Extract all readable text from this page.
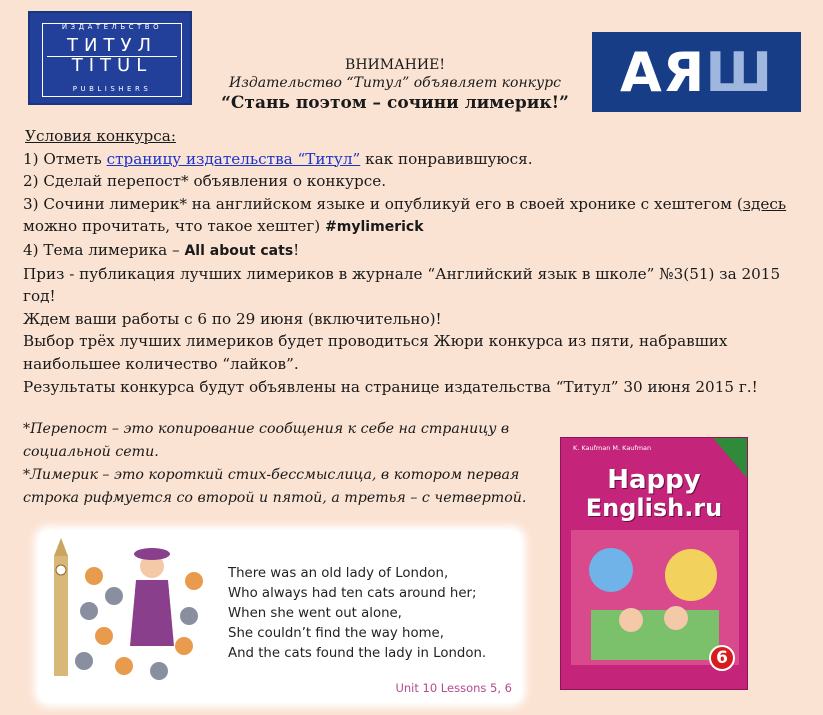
ИЗДАТЕЛЬСТВО
ТИТУЛ
TITUL
PUBLISHERS	АЯШ
ВНИМАНИЕ!
Издательство “Титул” объявляет конкурс
“Стань поэтом – сочини лимерик!”
Условия конкурса:
1) Отметь страницу издательства “Титул” как понравившуюся.
2) Сделай перепост* объявления о конкурсе.
3) Сочини лимерик* на английском языке и опубликуй его в своей хронике с хештегом (здесь можно прочитать, что такое хештег) #mylimerick
4) Тема лимерика – All about cats!
Приз - публикация лучших лимериков в журнале “Английский язык в школе” №3(51) за 2015 год!
Ждем ваши работы с 6 по 29 июня (включительно)!
Выбор трёх лучших лимериков будет проводиться Жюри конкурса из пяти, набравших наибольшее количество “лайков”.
Результаты конкурса будут объявлены на странице издательства “Титул” 30 июня 2015 г.!
*Перепост – это копирование сообщения к себе на страницу в социальной сети.
*Лимерик – это короткий стих-бессмыслица, в котором первая строка рифмуется со второй и пятой, а третья – с четвертой.
There was an old lady of London,
Who always had ten cats around her;
When she went out alone,
She couldn’t find the way home,
And the cats found the lady in London.
Unit 10 Lessons 5, 6
K. Kaufman M. Kaufman
Happy
English.ru
6
